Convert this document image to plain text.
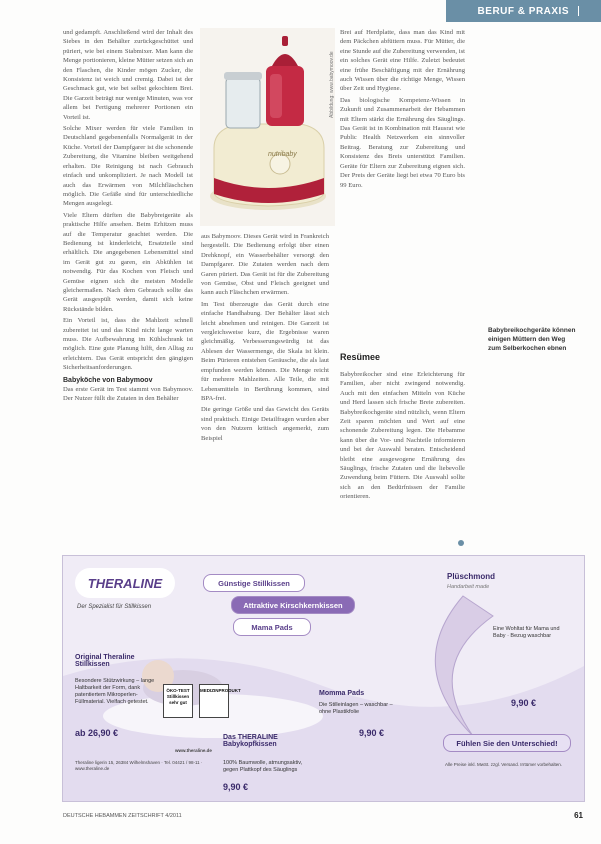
BERUF & PRAXIS

und gedampft. Anschließend wird der Inhalt des Siebes in den Behälter zurückgeschüttet und püriert, wie bei einem Stabmixer. Man kann die Menge portionieren, kleine Mütter setzen sich an den Flaschen, die Kinder mögen Zucker, die Konsistenz ist weich und cremig. Dabei ist der Geschmack gut, wie bei selbst gekochtem Brei. Die Garzeit beträgt nur wenige Minuten, was vor allem bei Fertigung mehrerer Portionen ein Vorteil ist.

Solche Mixer werden für viele Familien in Deutschland gegebenenfalls Normalgerät in der Küche. Vorteil der Dampfgarer ist die schonende Zubereitung, die Vitamine bleiben weitgehend erhalten. Die Reinigung ist nach Gebrauch einfach und unkompliziert. Je nach Modell ist auch das Erwärmen von Milchfläschchen möglich. Die Gefäße sind für unterschiedliche Mengen ausgelegt.

Viele Eltern dürften die Babybreigeräte als praktische Hilfe ansehen. Beim Erhitzen muss auf die Temperatur geachtet werden. Die Bedienung ist kinderleicht, Ersatzteile sind erhältlich. Die angegebenen Lebensmittel sind im Gerät gut zu garen, ein Abkühlen ist notwendig. Für das Kochen von Fleisch und Gemüse eignen sich die meisten Modelle gleichermaßen. Nach dem Gebrauch sollte das Gerät ausgespült werden, damit sich keine Rückstände bilden.

Ein Vorteil ist, dass die Mahlzeit schnell zubereitet ist und das Kind nicht lange warten muss. Die Aufbewahrung im Kühlschrank ist möglich. Eine gute Planung hilft, den Alltag zu erleichtern. Das Gerät entspricht den gängigen Sicherheitsanforderungen.

Babyköche von Babymoov

Das erste Gerät im Test stammt von Babymoov. Der Nutzer füllt die Zutaten in den Behälter

nutribaby
Abbildung: www.babymoov.de

aus Babymoov. Dieses Gerät wird in Frankreich hergestellt. Die Bedienung erfolgt über einen Drehknopf, ein Wasserbehälter versorgt den Dampfgarer. Die Zutaten werden nach dem Garen püriert. Das Gerät ist für die Zubereitung von Gemüse, Obst und Fleisch geeignet und kann auch Fläschchen erwärmen.

Im Test überzeugte das Gerät durch eine einfache Handhabung. Der Behälter lässt sich leicht abnehmen und reinigen. Die Garzeit ist vergleichsweise kurz, die Ergebnisse waren gleichmäßig. Verbesserungswürdig ist das Ablesen der Wassermenge, die Skala ist klein. Beim Pürieren entstehen Geräusche, die als laut empfunden werden können. Die Menge reicht für mehrere Mahlzeiten. Alle Teile, die mit Lebensmitteln in Berührung kommen, sind BPA-frei.

Die geringe Größe und das Gewicht des Geräts sind praktisch. Einige Detailfragen wurden aber von den Nutzern kritisch angemerkt, zum Beispiel

Brei auf Herdplatte, dass man das Kind mit dem Päckchen abfüttern muss. Für Mütter, die eine Stunde auf die Zubereitung verwenden, ist ein solches Gerät eine Hilfe. Zuletzt bedeutet eine frühe Beschäftigung mit der Ernährung auch Wissen über die richtige Menge, Wissen über Zeit und Hygiene.

Das biologische Kompetenz-Wissen in Zukunft und Zusammenarbeit der Hebammen mit Eltern stärkt die Ernährung des Säuglings. Das Gerät ist in Kombination mit Hausrat wie Public Health Netzwerken ein sinnvoller Beitrag. Beratung zur Zubereitung und Konsistenz des Breis unterstützt Familien. Geräte für Eltern zur Zubereitung eignen sich. Der Preis der Geräte liegt bei etwa 70 Euro bis 99 Euro.

Resümee

Babybreikocher sind eine Erleichterung für Familien, aber nicht zwingend notwendig. Auch mit den einfachen Mitteln von Küche und Herd lassen sich frische Breie zubereiten. Babybreikochgeräte sind nützlich, wenn Eltern Zeit sparen möchten und Wert auf eine schonende Zubereitung legen. Die Hebamme kann über die Vor- und Nachteile informieren und bei der Auswahl beraten. Entscheidend bleibt eine ausgewogene Ernährung des Säuglings, frische Zutaten und die liebevolle Zuwendung beim Füttern. Die Auswahl sollte sich an den Bedürfnissen der Familie orientieren.

Babybreikochgeräte können einigen Müttern den Weg zum Selberkochen ebnen
THERALINE
Der Spezialist für Stillkissen
Günstige Stillkissen
Attraktive Kirschkernkissen
Mama Pads
Original Theraline Stillkissen
Besondere Stützwirkung – lange Haltbarkeit der Form, dank patentiertem Mikroperlen-Füllmaterial. Vielfach getestet.
ab 26,90 €
ÖKO-TEST Stillkissen sehr gut
MEDIZINPRODUKT
www.theraline.de
Theraline ligerin 15, 26384 Wilhelmshaven · Tel. 04421 / 98-11 · www.theraline.de
Das THERALINE Babykopfkissen
100% Baumwolle, atmungsaktiv, gegen Plattkopf des Säuglings
9,90 €
Momma Pads
Die Stilleinlagen – waschbar – ohne Plastikfolie
9,90 €
Plüschmond
Handarbeit made
Eine Wohltat für Mama und Baby · Bezug waschbar
9,90 €
Fühlen Sie den Unterschied!
Alle Preise inkl. MwSt. zzgl. Versand. Irrtümer vorbehalten.
DEUTSCHE HEBAMMEN ZEITSCHRIFT 4/2011	61
